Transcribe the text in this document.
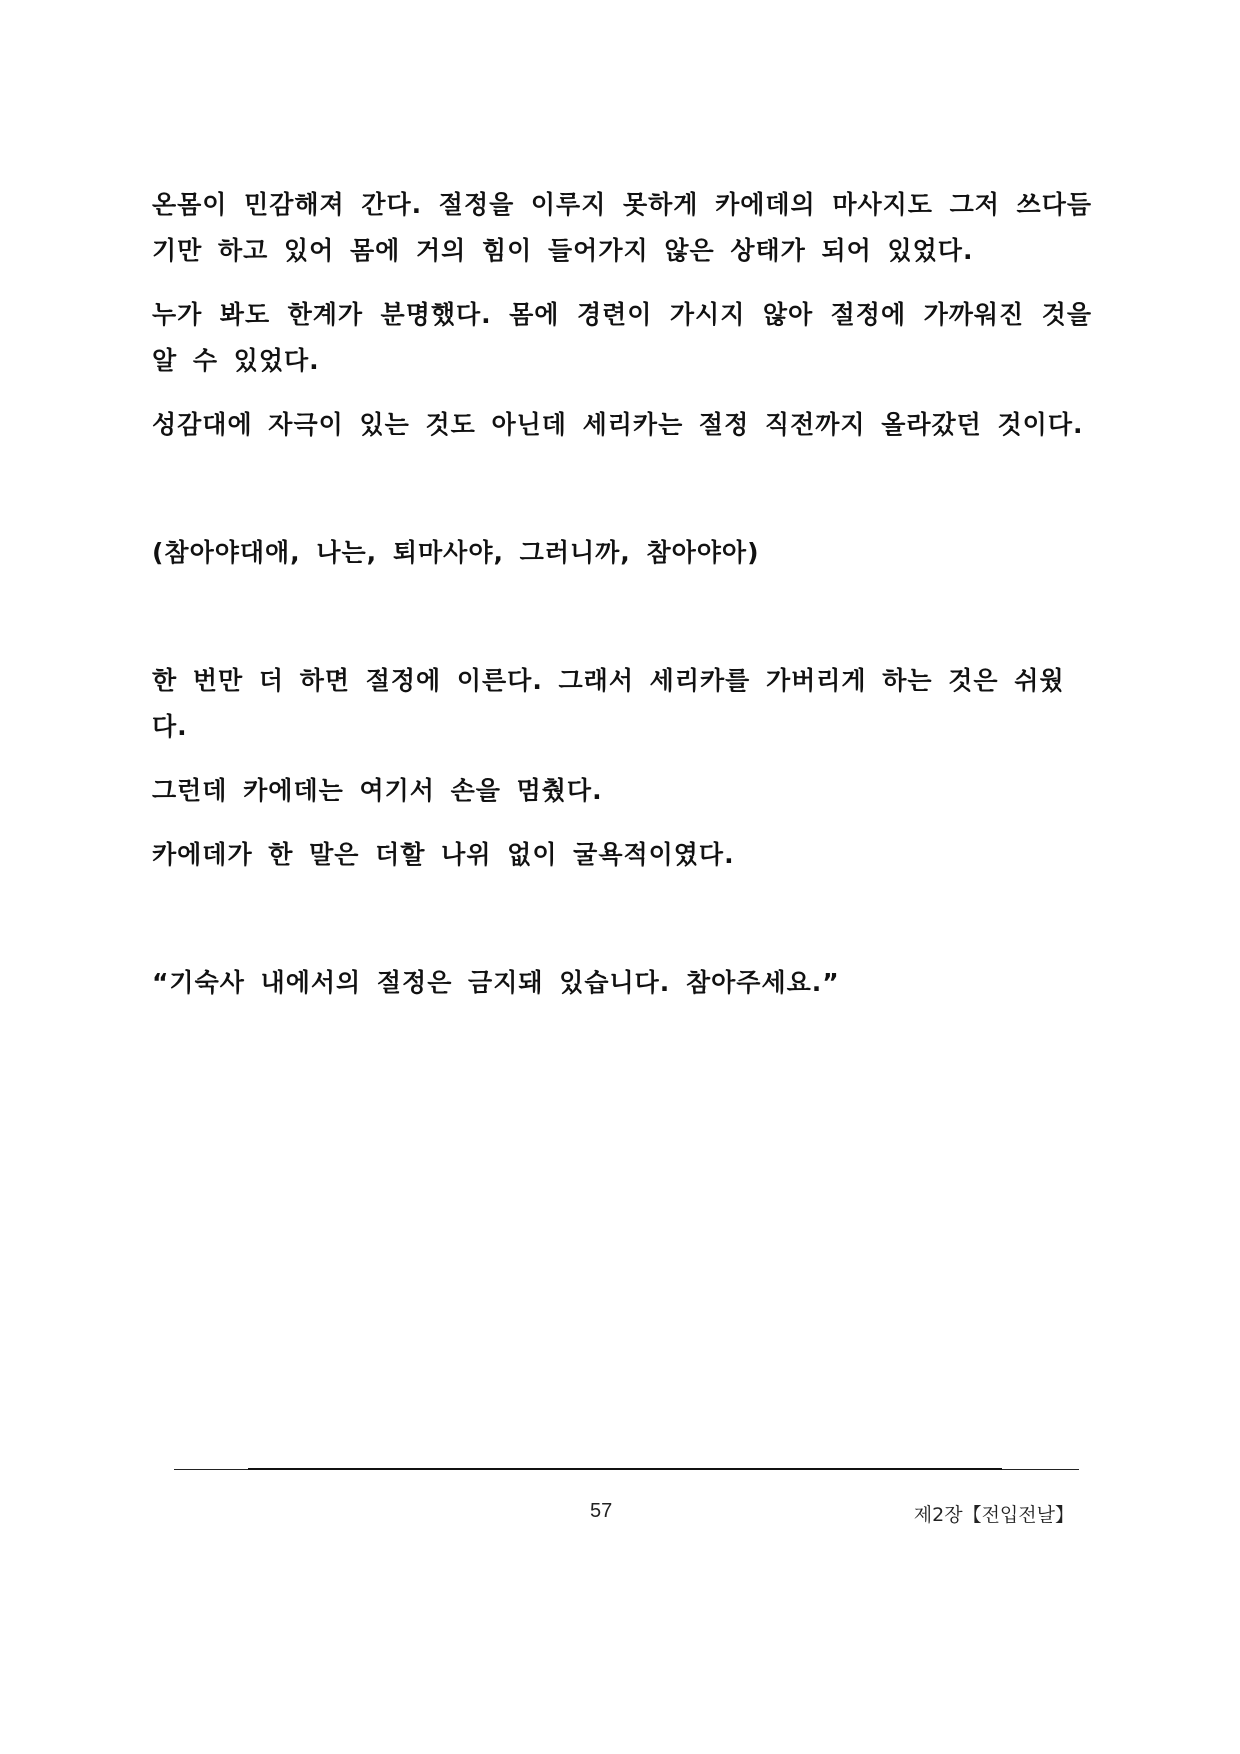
온몸이 민감해져 간다. 절정을 이루지 못하게 카에데의 마사지도 그저 쓰다듬기만 하고 있어 몸에 거의 힘이 들어가지 않은 상태가 되어 있었다.

누가 봐도 한계가 분명했다. 몸에 경련이 가시지 않아 절정에 가까워진 것을 알 수 있었다.

성감대에 자극이 있는 것도 아닌데 세리카는 절정 직전까지 올라갔던 것이다.

(참아야대애, 나는, 퇴마사야, 그러니까, 참아야아)

한 번만 더 하면 절정에 이른다. 그래서 세리카를 가버리게 하는 것은 쉬웠다.

그런데 카에데는 여기서 손을 멈췄다.

카에데가 한 말은 더할 나위 없이 굴욕적이였다.

“기숙사 내에서의 절정은 금지돼 있습니다. 참아주세요.”

57	제2장【전입전날】
